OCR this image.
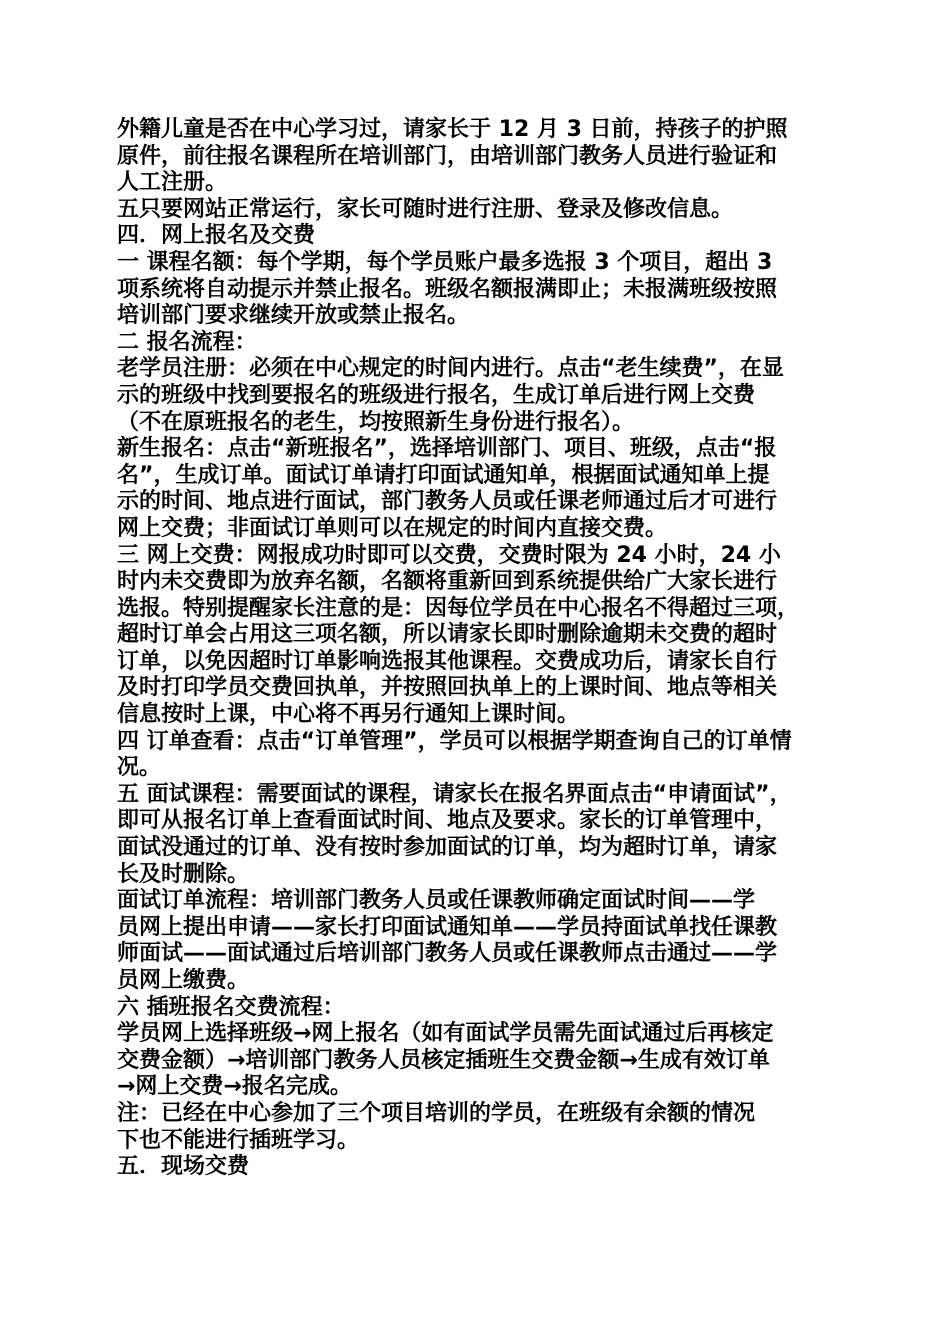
外籍儿童是否在中心学习过，请家长于 12 月 3 日前，持孩子的护照
原件，前往报名课程所在培训部门，由培训部门教务人员进行验证和
人工注册。
五只要网站正常运行，家长可随时进行注册、登录及修改信息。
四．网上报名及交费
一 课程名额：每个学期，每个学员账户最多选报 3 个项目，超出 3
项系统将自动提示并禁止报名。班级名额报满即止；未报满班级按照
培训部门要求继续开放或禁止报名。
二 报名流程：
老学员注册：必须在中心规定的时间内进行。点击“老生续费”，在显
示的班级中找到要报名的班级进行报名，生成订单后进行网上交费
（不在原班报名的老生，均按照新生身份进行报名）。
新生报名：点击“新班报名”，选择培训部门、项目、班级，点击“报
名”，生成订单。面试订单请打印面试通知单，根据面试通知单上提
示的时间、地点进行面试，部门教务人员或任课老师通过后才可进行
网上交费；非面试订单则可以在规定的时间内直接交费。
三 网上交费：网报成功时即可以交费，交费时限为 24 小时，24 小
时内未交费即为放弃名额，名额将重新回到系统提供给广大家长进行
选报。特别提醒家长注意的是：因每位学员在中心报名不得超过三项，
超时订单会占用这三项名额，所以请家长即时删除逾期未交费的超时
订单，以免因超时订单影响选报其他课程。交费成功后，请家长自行
及时打印学员交费回执单，并按照回执单上的上课时间、地点等相关
信息按时上课，中心将不再另行通知上课时间。
四 订单查看：点击“订单管理”，学员可以根据学期查询自己的订单情
况。
五 面试课程：需要面试的课程，请家长在报名界面点击“申请面试”，
即可从报名订单上查看面试时间、地点及要求。家长的订单管理中，
面试没通过的订单、没有按时参加面试的订单，均为超时订单，请家
长及时删除。
面试订单流程：培训部门教务人员或任课教师确定面试时间——学
员网上提出申请——家长打印面试通知单——学员持面试单找任课教
师面试——面试通过后培训部门教务人员或任课教师点击通过——学
员网上缴费。
六 插班报名交费流程：
学员网上选择班级→网上报名（如有面试学员需先面试通过后再核定
交费金额）→培训部门教务人员核定插班生交费金额→生成有效订单
→网上交费→报名完成。
注：已经在中心参加了三个项目培训的学员，在班级有余额的情况
下也不能进行插班学习。
五．现场交费
